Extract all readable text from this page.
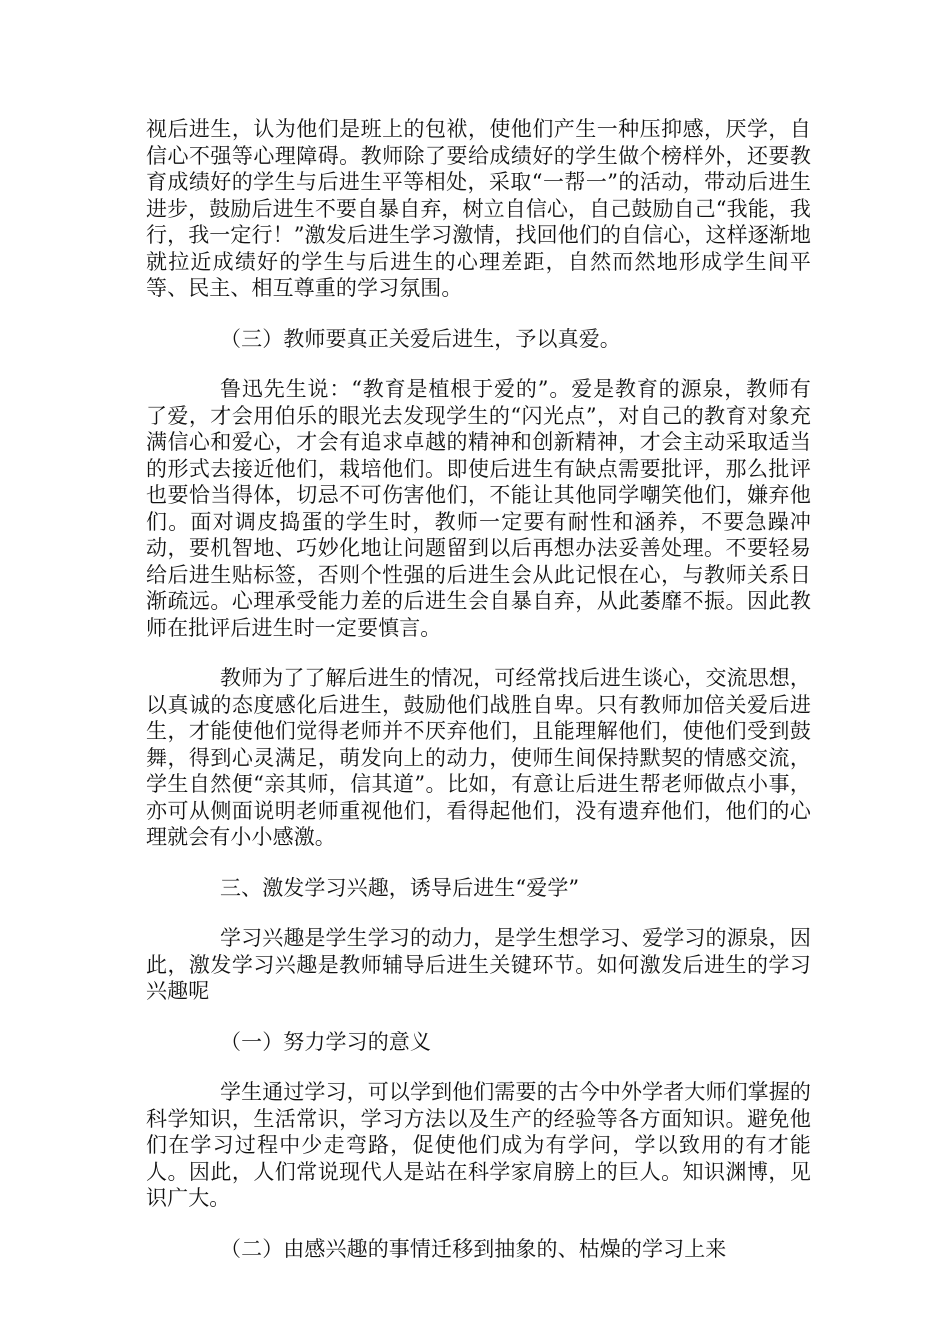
视后进生，认为他们是班上的包袱，使他们产生一种压抑感，厌学，自信心不强等心理障碍。教师除了要给成绩好的学生做个榜样外，还要教育成绩好的学生与后进生平等相处，采取“一帮一”的活动，带动后进生进步，鼓励后进生不要自暴自弃，树立自信心，自己鼓励自己“我能，我行，我一定行！”激发后进生学习激情，找回他们的自信心，这样逐渐地就拉近成绩好的学生与后进生的心理差距，自然而然地形成学生间平等、民主、相互尊重的学习氛围。

（三）教师要真正关爱后进生，予以真爱。

鲁迅先生说：“教育是植根于爱的”。爱是教育的源泉，教师有了爱，才会用伯乐的眼光去发现学生的“闪光点”，对自己的教育对象充满信心和爱心，才会有追求卓越的精神和创新精神，才会主动采取适当的形式去接近他们，栽培他们。即使后进生有缺点需要批评，那么批评也要恰当得体，切忌不可伤害他们，不能让其他同学嘲笑他们，嫌弃他们。面对调皮捣蛋的学生时，教师一定要有耐性和涵养，不要急躁冲动，要机智地、巧妙化地让问题留到以后再想办法妥善处理。不要轻易给后进生贴标签，否则个性强的后进生会从此记恨在心，与教师关系日渐疏远。心理承受能力差的后进生会自暴自弃，从此萎靡不振。因此教师在批评后进生时一定要慎言。

教师为了了解后进生的情况，可经常找后进生谈心，交流思想，以真诚的态度感化后进生，鼓励他们战胜自卑。只有教师加倍关爱后进生，才能使他们觉得老师并不厌弃他们，且能理解他们，使他们受到鼓舞，得到心灵满足，萌发向上的动力，使师生间保持默契的情感交流，学生自然便“亲其师，信其道”。比如，有意让后进生帮老师做点小事，亦可从侧面说明老师重视他们，看得起他们，没有遗弃他们，他们的心理就会有小小感激。

三、激发学习兴趣，诱导后进生“爱学”

学习兴趣是学生学习的动力，是学生想学习、爱学习的源泉，因此，激发学习兴趣是教师辅导后进生关键环节。如何激发后进生的学习兴趣呢

（一）努力学习的意义

学生通过学习，可以学到他们需要的古今中外学者大师们掌握的科学知识，生活常识，学习方法以及生产的经验等各方面知识。避免他们在学习过程中少走弯路，促使他们成为有学问，学以致用的有才能人。因此，人们常说现代人是站在科学家肩膀上的巨人。知识渊博，见识广大。

（二）由感兴趣的事情迁移到抽象的、枯燥的学习上来
